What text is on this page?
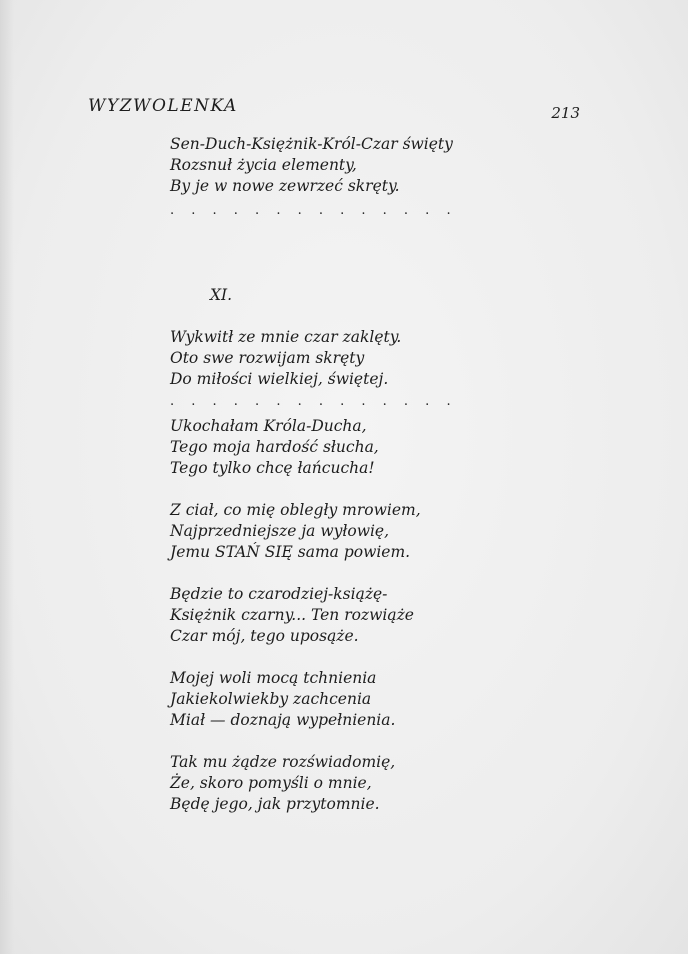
WYZWOLENKA	213
Sen-Duch-Księżnik-Król-Czar święty
Rozsnuł życia elementy,
By je w nowe zewrzeć skręty.
. . . . . . . . . . . . . .
XI.
Wykwitł ze mnie czar zaklęty.
Oto swe rozwijam skręty
Do miłości wielkiej, świętej.
. . . . . . . . . . . . . .
Ukochałam Króla-Ducha,
Tego moja hardość słucha,
Tego tylko chcę łańcucha!
Z ciał, co mię obległy mrowiem,
Najprzedniejsze ja wyłowię,
Jemu STAŃ SIĘ sama powiem.
Będzie to czarodziej-książę-
Księżnik czarny... Ten rozwiąże
Czar mój, tego uposąże.
Mojej woli mocą tchnienia
Jakiekolwiekby zachcenia
Miał — doznają wypełnienia.
Tak mu żądze rozświadomię,
Że, skoro pomyśli o mnie,
Będę jego, jak przytomnie.
